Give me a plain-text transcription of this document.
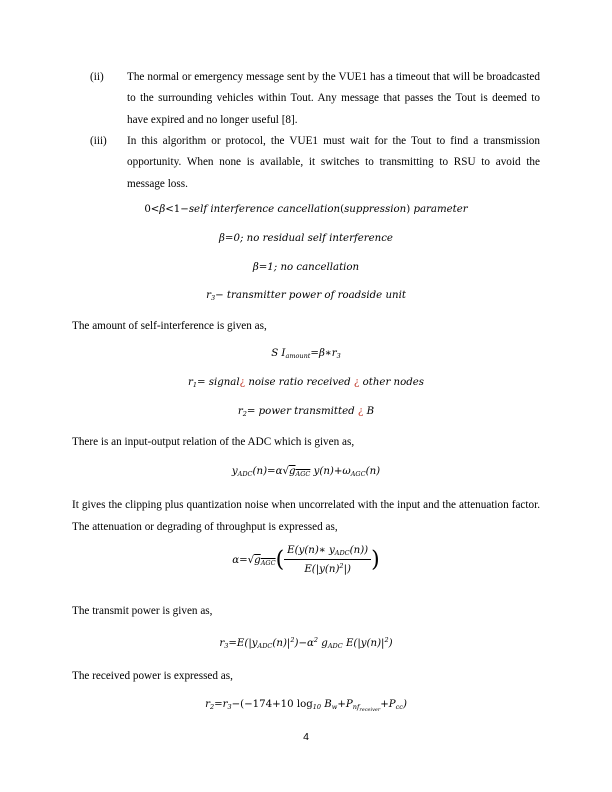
(ii) The normal or emergency message sent by the VUE1 has a timeout that will be broadcasted to the surrounding vehicles within Tout. Any message that passes the Tout is deemed to have expired and no longer useful [8].
(iii) In this algorithm or protocol, the VUE1 must wait for the Tout to find a transmission opportunity. When none is available, it switches to transmitting to RSU to avoid the message loss.
0<β<1−self interference cancellation(suppression) parameter
β=0; no residual self interference
β=1; no cancellation
$r_3-$ transmitter power of roadside unit
The amount of self-interference is given as,
S $I_{amount}=\beta∗r_3$
$r_1=$ signal¿ noise ratio received ¿ other nodes
$r_2=$ power transmitted ¿ B
There is an input-output relation of the ADC which is given as,
$y_{ADC}(n)=\alpha√g_{AGC}$ $y(n)+\omega_{AGC}(n)$
It gives the clipping plus quantization noise when uncorrelated with the input and the attenuation factor. The attenuation or degrading of throughput is expressed as,
$\alpha=√g_{AGC}( \frac{E(y(n)∗ y_{ADC}(n))}{E(|y(n)^2|)}$ )
The transmit power is given as,
$r_3=E(|y_{ADC}(n)|^2)-\alpha^2$ $g_{ADC}$ $E(|y(n)|^2)$
The received power is expressed as,
$r_2=r_3-(-174+10$ $\log_{10} B_w+P_{nf_{receiver}}+P_{cc}$)
4
